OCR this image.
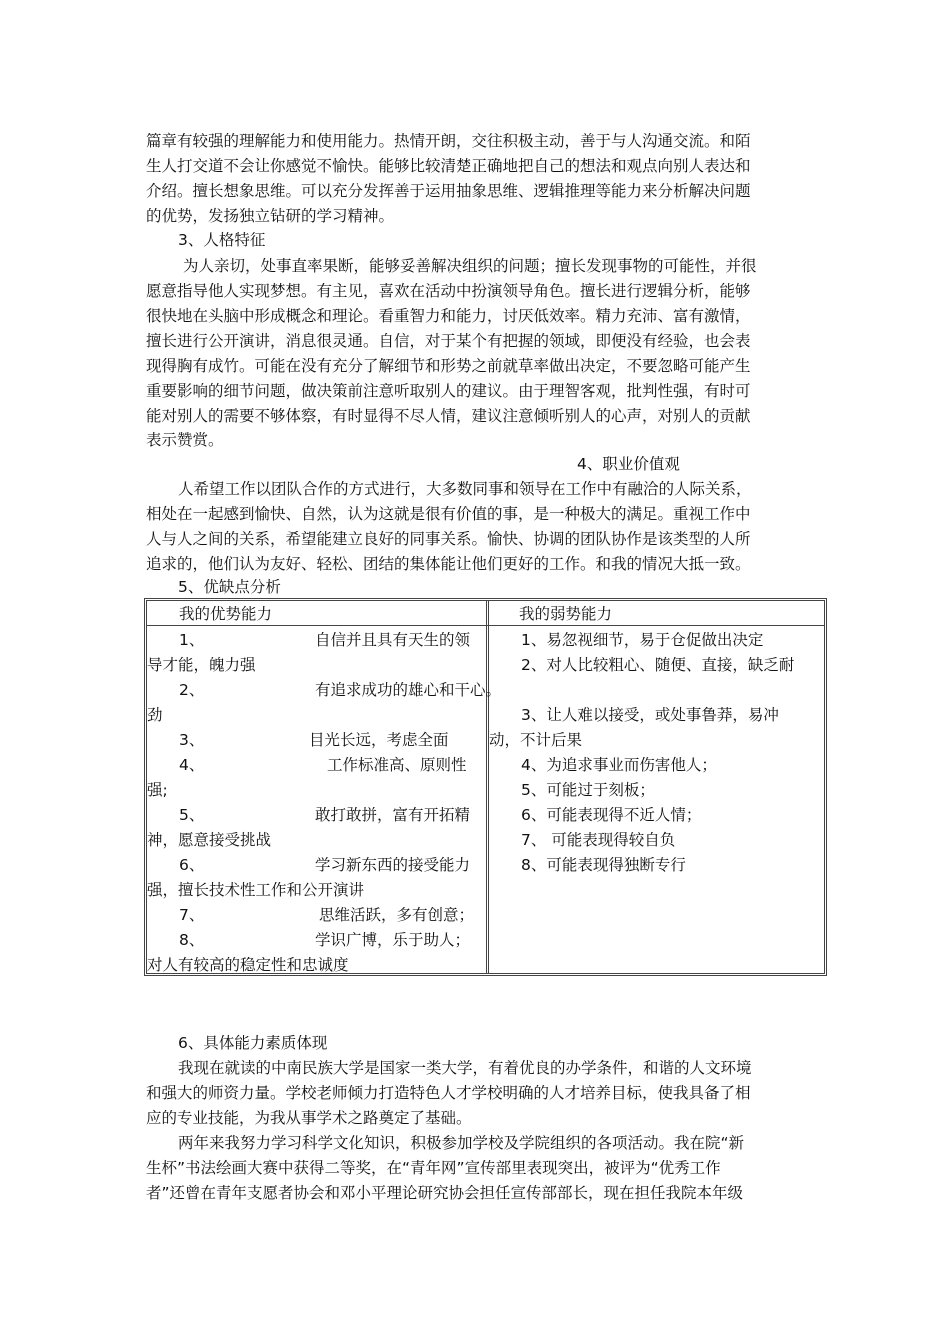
篇章有较强的理解能力和使用能力。热情开朗，交往积极主动，善于与人沟通交流。和陌
生人打交道不会让你感觉不愉快。能够比较清楚正确地把自己的想法和观点向别人表达和
介绍。擅长想象思维。可以充分发挥善于运用抽象思维、逻辑推理等能力来分析解决问题
的优势，发扬独立钻研的学习精神。
3、人格特征
为人亲切，处事直率果断，能够妥善解决组织的问题；擅长发现事物的可能性，并很
愿意指导他人实现梦想。有主见，喜欢在活动中扮演领导角色。擅长进行逻辑分析，能够
很快地在头脑中形成概念和理论。看重智力和能力，讨厌低效率。精力充沛、富有激情，
擅长进行公开演讲，消息很灵通。自信，对于某个有把握的领域，即便没有经验，也会表
现得胸有成竹。可能在没有充分了解细节和形势之前就草率做出决定，不要忽略可能产生
重要影响的细节问题，做决策前注意听取别人的建议。由于理智客观，批判性强，有时可
能对别人的需要不够体察，有时显得不尽人情，建议注意倾听别人的心声，对别人的贡献
表示赞赏。
4、职业价值观
人希望工作以团队合作的方式进行，大多数同事和领导在工作中有融洽的人际关系，
相处在一起感到愉快、自然，认为这就是很有价值的事，是一种极大的满足。重视工作中
人与人之间的关系，希望能建立良好的同事关系。愉快、协调的团队协作是该类型的人所
追求的，他们认为友好、轻松、团结的集体能让他们更好的工作。和我的情况大抵一致。
5、优缺点分析
我的优势能力	我的弱势能力
1、	自信并且具有天生的领
导才能，魄力强
2、	有追求成功的雄心和干心。
劲
3、	目光长远，考虑全面
4、	工作标准高、原则性
强;
5、	敢打敢拼，富有开拓精
神，愿意接受挑战
6、	学习新东西的接受能力
强，擅长技术性工作和公开演讲
7、	思维活跃，多有创意；
8、	学识广博，乐于助人；
对人有较高的稳定性和忠诚度
1、易忽视细节，易于仓促做出决定
2、对人比较粗心、随便、直接，缺乏耐
3、让人难以接受，或处事鲁莽，易冲
动，不计后果
4、为追求事业而伤害他人；
5、可能过于刻板；
6、可能表现得不近人情；
7、 可能表现得较自负
8、可能表现得独断专行
6、具体能力素质体现
我现在就读的中南民族大学是国家一类大学，有着优良的办学条件，和谐的人文环境
和强大的师资力量。学校老师倾力打造特色人才学校明确的人才培养目标，使我具备了相
应的专业技能，为我从事学术之路奠定了基础。
两年来我努力学习科学文化知识，积极参加学校及学院组织的各项活动。我在院“新
生杯”书法绘画大赛中获得二等奖，在“青年网”宣传部里表现突出，被评为“优秀工作
者”还曾在青年支愿者协会和邓小平理论研究协会担任宣传部部长，现在担任我院本年级
